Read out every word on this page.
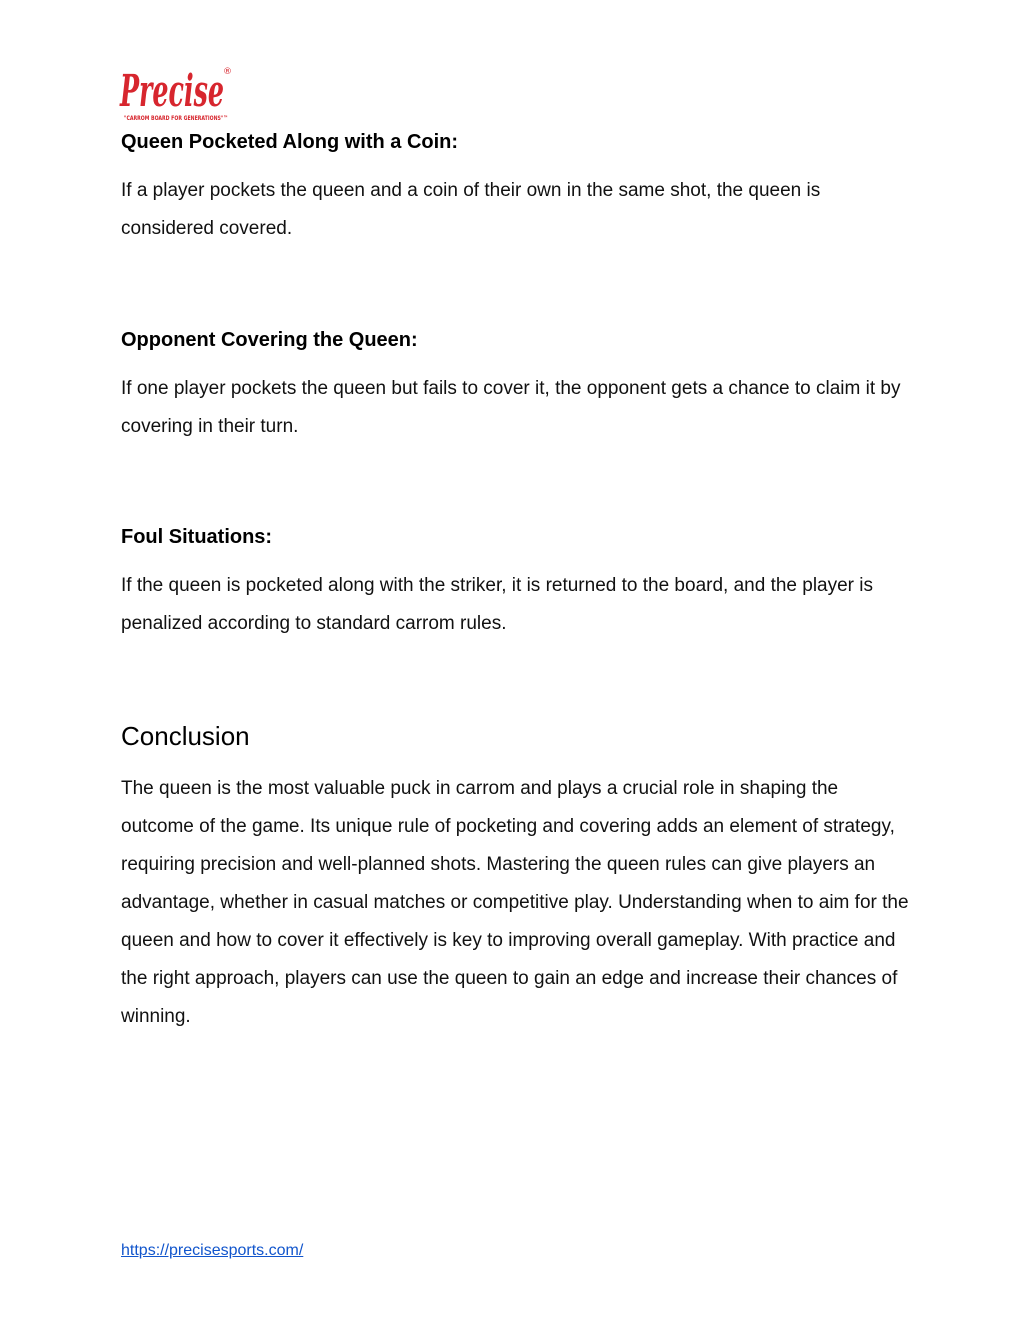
Precise ®
"CARROM BOARD FOR GENERATIONS"™
Queen Pocketed Along with a Coin:

If a player pockets the queen and a coin of their own in the same shot, the queen is considered covered.

Opponent Covering the Queen:

If one player pockets the queen but fails to cover it, the opponent gets a chance to claim it by covering in their turn.

Foul Situations:

If the queen is pocketed along with the striker, it is returned to the board, and the player is penalized according to standard carrom rules.

Conclusion

The queen is the most valuable puck in carrom and plays a crucial role in shaping the outcome of the game. Its unique rule of pocketing and covering adds an element of strategy, requiring precision and well-planned shots. Mastering the queen rules can give players an advantage, whether in casual matches or competitive play. Understanding when to aim for the queen and how to cover it effectively is key to improving overall gameplay. With practice and the right approach, players can use the queen to gain an edge and increase their chances of winning.

https://precisesports.com/
